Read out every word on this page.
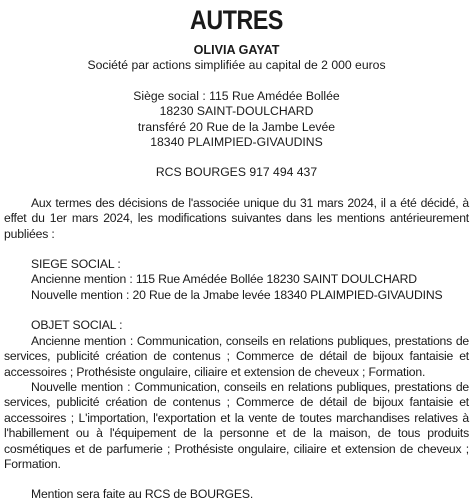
AUTRES
OLIVIA GAYAT
Société par actions simplifiée au capital de 2 000 euros
Siège social : 115 Rue Amédée Bollée
18230 SAINT-DOULCHARD
transféré 20 Rue de la Jambe Levée
18340 PLAIMPIED-GIVAUDINS
RCS BOURGES 917 494 437
Aux termes des décisions de l'associée unique du 31 mars 2024, il a été décidé, à
effet du 1er mars 2024, les modifications suivantes dans les mentions antérieurement
publiées :
SIEGE SOCIAL :
Ancienne mention : 115 Rue Amédée Bollée 18230 SAINT DOULCHARD
Nouvelle mention : 20 Rue de la Jmabe levée 18340 PLAIMPIED-GIVAUDINS
OBJET SOCIAL :
Ancienne mention : Communication, conseils en relations publiques, prestations de
services, publicité création de contenus ; Commerce de détail de bijoux fantaisie et
accessoires ; Prothésiste ongulaire, ciliaire et extension de cheveux ; Formation.
Nouvelle mention : Communication, conseils en relations publiques, prestations de
services, publicité création de contenus ; Commerce de détail de bijoux fantaisie et
accessoires ; L'importation, l'exportation et la vente de toutes marchandises relatives à
l'habillement ou à l'équipement de la personne et de la maison, de tous produits
cosmétiques et de parfumerie ; Prothésiste ongulaire, ciliaire et extension de cheveux ;
Formation.
Mention sera faite au RCS de BOURGES.
